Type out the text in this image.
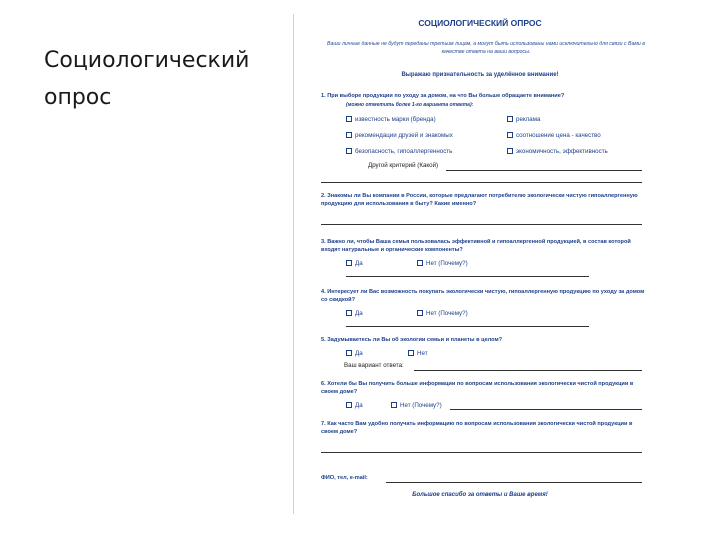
Социологический опрос
СОЦИОЛОГИЧЕСКИЙ ОПРОС
Ваши личные данные не будут переданы третьим лицам, а могут быть использованы нами исключительно для связи с Вами в качестве ответа на ваши вопросы.
Выражаю признательность за уделённое внимание!
1. При выборе продукции по уходу за домом, на что Вы больше обращаете внимание?
(можно отметить более 1-го варианта ответа):
известность марки (бренда)	реклама
рекомендации друзей и знакомых	соотношение цена - качество
безопасность, гипоаллергенность	экономичность, эффективность
Другой критерий (Какой)
2. Знакомы ли Вы компании в России, которые предлагают потребителю экологически чистую гипоаллергенную продукцию для использования в быту? Какие именно?
3. Важно ли, чтобы Ваша семья пользовалась эффективной и гипоаллергенной продукцией, в состав которой входят натуральные и органические компоненты?
Да	Нет (Почему?)
4. Интересует ли Вас возможность покупать экологически чистую, гипоаллергенную продукцию по уходу за домом со скидкой?
Да	Нет (Почему?)
5. Задумываетесь ли Вы об экологии семьи и планеты в целом?
Да	Нет
Ваш вариант ответа:
6. Хотели бы Вы получить больше информации по вопросам использования экологически чистой продукции в своем доме?
Да	Нет (Почему?)
7. Как часто Вам удобно получать информацию по вопросам использования экологически чистой продукции в своем доме?
ФИО, тел, e-mail:
Большое спасибо за ответы и Ваше время!
